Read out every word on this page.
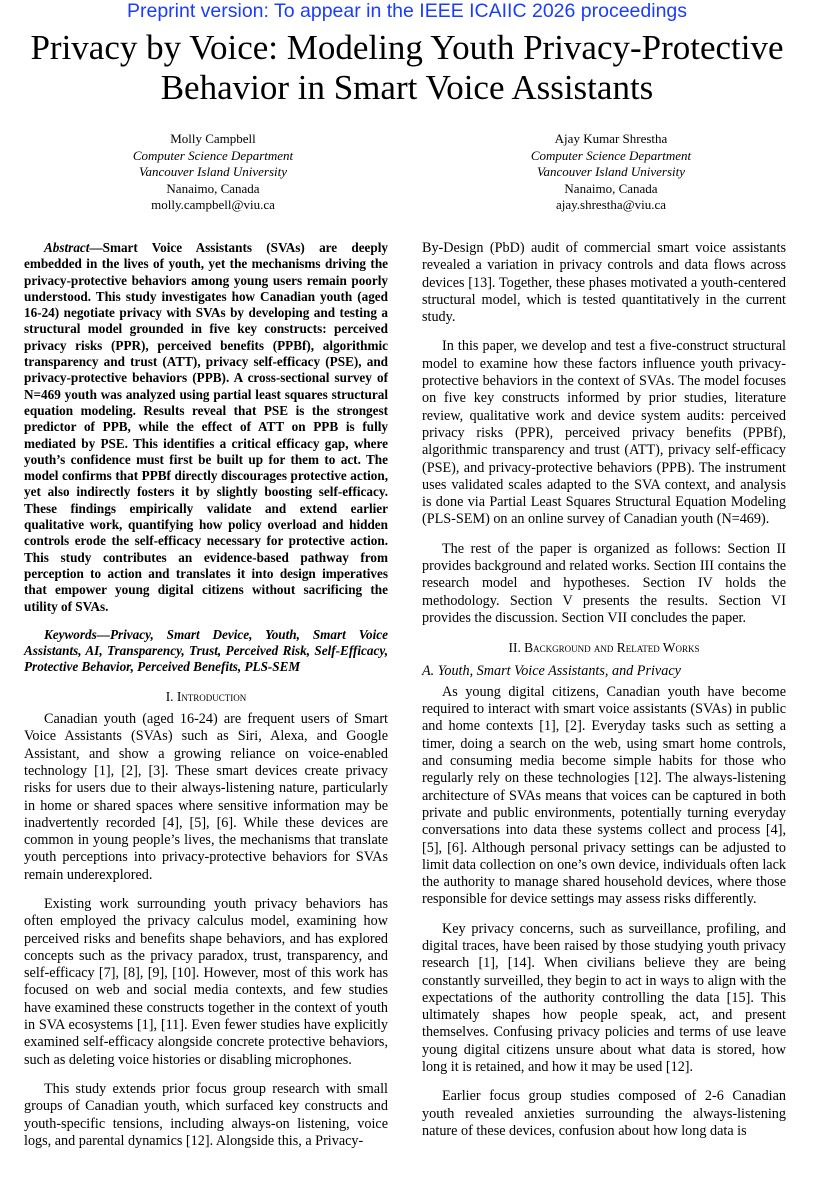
Preprint version: To appear in the IEEE ICAIIC 2026 proceedings
Privacy by Voice: Modeling Youth Privacy-Protective Behavior in Smart Voice Assistants
Molly Campbell
Computer Science Department
Vancouver Island University
Nanaimo, Canada
molly.campbell@viu.ca
Ajay Kumar Shrestha
Computer Science Department
Vancouver Island University
Nanaimo, Canada
ajay.shrestha@viu.ca

Abstract—Smart Voice Assistants (SVAs) are deeply embedded in the lives of youth, yet the mechanisms driving the privacy-protective behaviors among young users remain poorly understood. This study investigates how Canadian youth (aged 16-24) negotiate privacy with SVAs by developing and testing a structural model grounded in five key constructs: perceived privacy risks (PPR), perceived benefits (PPBf), algorithmic transparency and trust (ATT), privacy self-efficacy (PSE), and privacy-protective behaviors (PPB). A cross-sectional survey of N=469 youth was analyzed using partial least squares structural equation modeling. Results reveal that PSE is the strongest predictor of PPB, while the effect of ATT on PPB is fully mediated by PSE. This identifies a critical efficacy gap, where youth’s confidence must first be built up for them to act. The model confirms that PPBf directly discourages protective action, yet also indirectly fosters it by slightly boosting self-efficacy. These findings empirically validate and extend earlier qualitative work, quantifying how policy overload and hidden controls erode the self-efficacy necessary for protective action. This study contributes an evidence-based pathway from perception to action and translates it into design imperatives that empower young digital citizens without sacrificing the utility of SVAs.

Keywords—Privacy, Smart Device, Youth, Smart Voice Assistants, AI, Transparency, Trust, Perceived Risk, Self-Efficacy, Protective Behavior, Perceived Benefits, PLS-SEM

I. Introduction

Canadian youth (aged 16-24) are frequent users of Smart Voice Assistants (SVAs) such as Siri, Alexa, and Google Assistant, and show a growing reliance on voice-enabled technology [1], [2], [3]. These smart devices create privacy risks for users due to their always-listening nature, particularly in home or shared spaces where sensitive information may be inadvertently recorded [4], [5], [6]. While these devices are common in young people’s lives, the mechanisms that translate youth perceptions into privacy-protective behaviors for SVAs remain underexplored.

Existing work surrounding youth privacy behaviors has often employed the privacy calculus model, examining how perceived risks and benefits shape behaviors, and has explored concepts such as the privacy paradox, trust, transparency, and self-efficacy [7], [8], [9], [10]. However, most of this work has focused on web and social media contexts, and few studies have examined these constructs together in the context of youth in SVA ecosystems [1], [11]. Even fewer studies have explicitly examined self-efficacy alongside concrete protective behaviors, such as deleting voice histories or disabling microphones.

This study extends prior focus group research with small groups of Canadian youth, which surfaced key constructs and youth-specific tensions, including always-on listening, voice logs, and parental dynamics [12]. Alongside this, a Privacy-

By-Design (PbD) audit of commercial smart voice assistants revealed a variation in privacy controls and data flows across devices [13]. Together, these phases motivated a youth-centered structural model, which is tested quantitatively in the current study.

In this paper, we develop and test a five-construct structural model to examine how these factors influence youth privacy-protective behaviors in the context of SVAs. The model focuses on five key constructs informed by prior studies, literature review, qualitative work and device system audits: perceived privacy risks (PPR), perceived privacy benefits (PPBf), algorithmic transparency and trust (ATT), privacy self-efficacy (PSE), and privacy-protective behaviors (PPB). The instrument uses validated scales adapted to the SVA context, and analysis is done via Partial Least Squares Structural Equation Modeling (PLS-SEM) on an online survey of Canadian youth (N=469).

The rest of the paper is organized as follows: Section II provides background and related works. Section III contains the research model and hypotheses. Section IV holds the methodology. Section V presents the results. Section VI provides the discussion. Section VII concludes the paper.

II. Background and Related Works
A. Youth, Smart Voice Assistants, and Privacy

As young digital citizens, Canadian youth have become required to interact with smart voice assistants (SVAs) in public and home contexts [1], [2]. Everyday tasks such as setting a timer, doing a search on the web, using smart home controls, and consuming media become simple habits for those who regularly rely on these technologies [12]. The always-listening architecture of SVAs means that voices can be captured in both private and public environments, potentially turning everyday conversations into data these systems collect and process [4], [5], [6]. Although personal privacy settings can be adjusted to limit data collection on one’s own device, individuals often lack the authority to manage shared household devices, where those responsible for device settings may assess risks differently.

Key privacy concerns, such as surveillance, profiling, and digital traces, have been raised by those studying youth privacy research [1], [14]. When civilians believe they are being constantly surveilled, they begin to act in ways to align with the expectations of the authority controlling the data [15]. This ultimately shapes how people speak, act, and present themselves. Confusing privacy policies and terms of use leave young digital citizens unsure about what data is stored, how long it is retained, and how it may be used [12].

Earlier focus group studies composed of 2-6 Canadian youth revealed anxieties surrounding the always-listening nature of these devices, confusion about how long data is
